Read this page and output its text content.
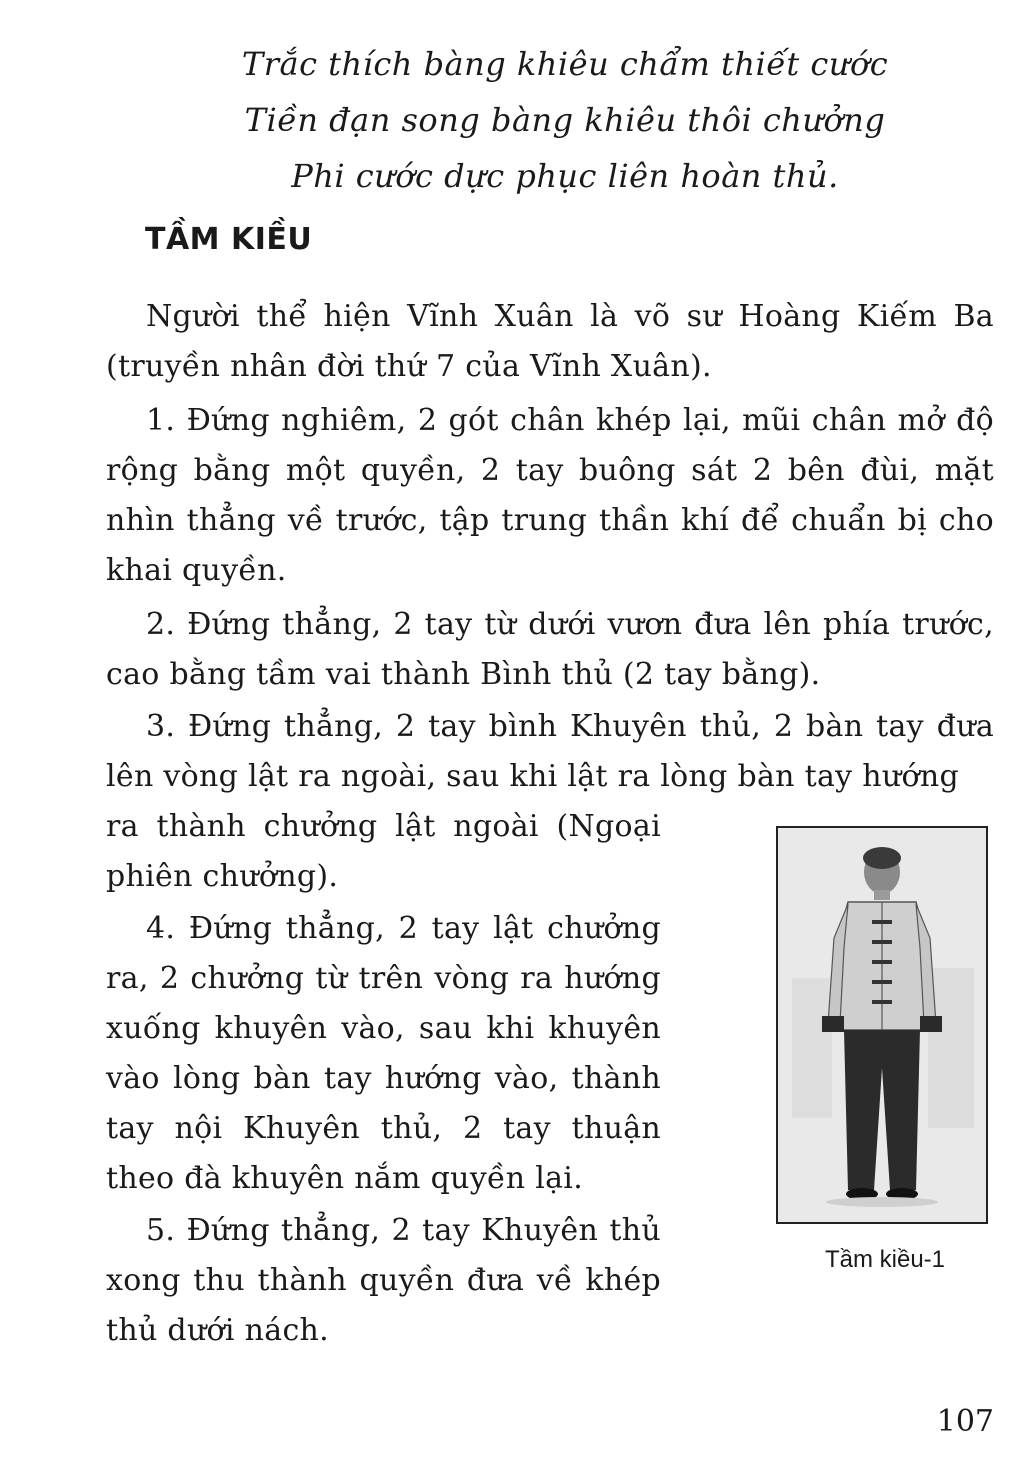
Trắc thích bàng khiêu chẩm thiết cước
Tiền đạn song bàng khiêu thôi chưởng
Phi cước dực phục liên hoàn thủ.
TẦM KIỀU

Người thể hiện Vĩnh Xuân là võ sư Hoàng Kiếm Ba (truyền nhân đời thứ 7 của Vĩnh Xuân).

1. Đứng nghiêm, 2 gót chân khép lại, mũi chân mở độ rộng bằng một quyền, 2 tay buông sát 2 bên đùi, mặt nhìn thẳng về trước, tập trung thần khí để chuẩn bị cho khai quyền.

2. Đứng thẳng, 2 tay từ dưới vươn đưa lên phía trước, cao bằng tầm vai thành Bình thủ (2 tay bằng).

3. Đứng thẳng, 2 tay bình Khuyên thủ, 2 bàn tay đưa lên vòng lật ra ngoài, sau khi lật ra lòng bàn tay hướng

ra thành chưởng lật ngoài (Ngoại phiên chưởng).

4. Đứng thẳng, 2 tay lật chưởng ra, 2 chưởng từ trên vòng ra hướng xuống khuyên vào, sau khi khuyên vào lòng bàn tay hướng vào, thành tay nội Khuyên thủ, 2 tay thuận theo đà khuyên nắm quyền lại.

5. Đứng thẳng, 2 tay Khuyên thủ xong thu thành quyền đưa về khép thủ dưới nách.

Tầm kiều-1
107
